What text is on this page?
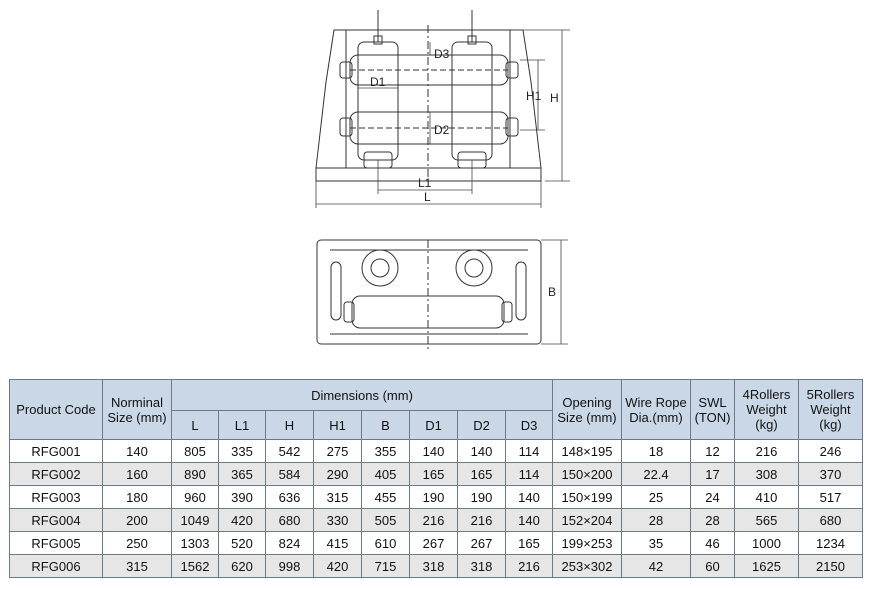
D1
D2
D3
H1 H
L1
L
B
Product Code	Norminal Size (mm)	Dimensions (mm)								Opening Size (mm)	Wire Rope Dia.(mm)	SWL (TON)	4Rollers Weight (kg)	5Rollers Weight (kg)
		L	L1	H	H1	B	D1	D2	D3					
RFG001	140	805	335	542	275	355	140	140	114	148×195	18	12	216	246
RFG002	160	890	365	584	290	405	165	165	114	150×200	22.4	17	308	370
RFG003	180	960	390	636	315	455	190	190	140	150×199	25	24	410	517
RFG004	200	1049	420	680	330	505	216	216	140	152×204	28	28	565	680
RFG005	250	1303	520	824	415	610	267	267	165	199×253	35	46	1000	1234
RFG006	315	1562	620	998	420	715	318	318	216	253×302	42	60	1625	2150
